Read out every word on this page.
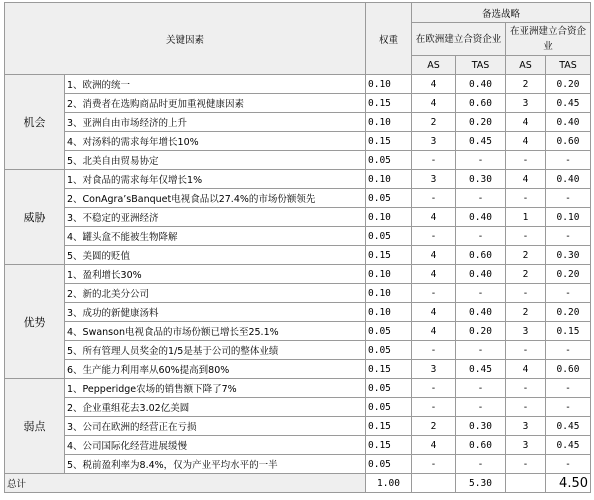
关键因素		权重	备选战略			
			在欧洲建立合资企业		在亚洲建立合资企业	
			AS	TAS	AS	TAS
机会	1、欧洲的统一	0.10	4	0.40	2	0.20
	2、消费者在选购商品时更加重视健康因素	0.15	4	0.60	3	0.45
	3、亚洲自由市场经济的上升	0.10	2	0.20	4	0.40
	4、对汤料的需求每年增长10%	0.15	3	0.45	4	0.60
	5、北美自由贸易协定	0.05	-	-	-	-
威胁	1、对食品的需求每年仅增长1%	0.10	3	0.30	4	0.40
	2、ConAgra’sBanquet电视食品以27.4%的市场份额领先	0.05	-	-	-	-
	3、不稳定的亚洲经济	0.10	4	0.40	1	0.10
	4、罐头盒不能被生物降解	0.05	-	-	-	-
	5、美圆的贬值	0.15	4	0.60	2	0.30
优势	1、盈利增长30%	0.10	4	0.40	2	0.20
	2、新的北美分公司	0.10	-	-	-	-
	3、成功的新健康汤料	0.10	4	0.40	2	0.20
	4、Swanson电视食品的市场份额已增长至25.1%	0.05	4	0.20	3	0.15
	5、所有管理人员奖金的1/5是基于公司的整体业绩	0.05	-	-	-	-
	6、生产能力利用率从60%提高到80%	0.15	3	0.45	4	0.60
弱点	1、Pepperidge农场的销售额下降了7%	0.05	-	-	-	-
	2、企业重组花去3.02亿美圆	0.05	-	-	-	-
	3、公司在欧洲的经营正在亏损	0.15	2	0.30	3	0.45
	4、公司国际化经营进展缓慢	0.15	4	0.60	3	0.45
	5、税前盈利率为8.4%，仅为产业平均水平的一半	0.05	-	-	-	-
总计		1.00		5.30		4.50
